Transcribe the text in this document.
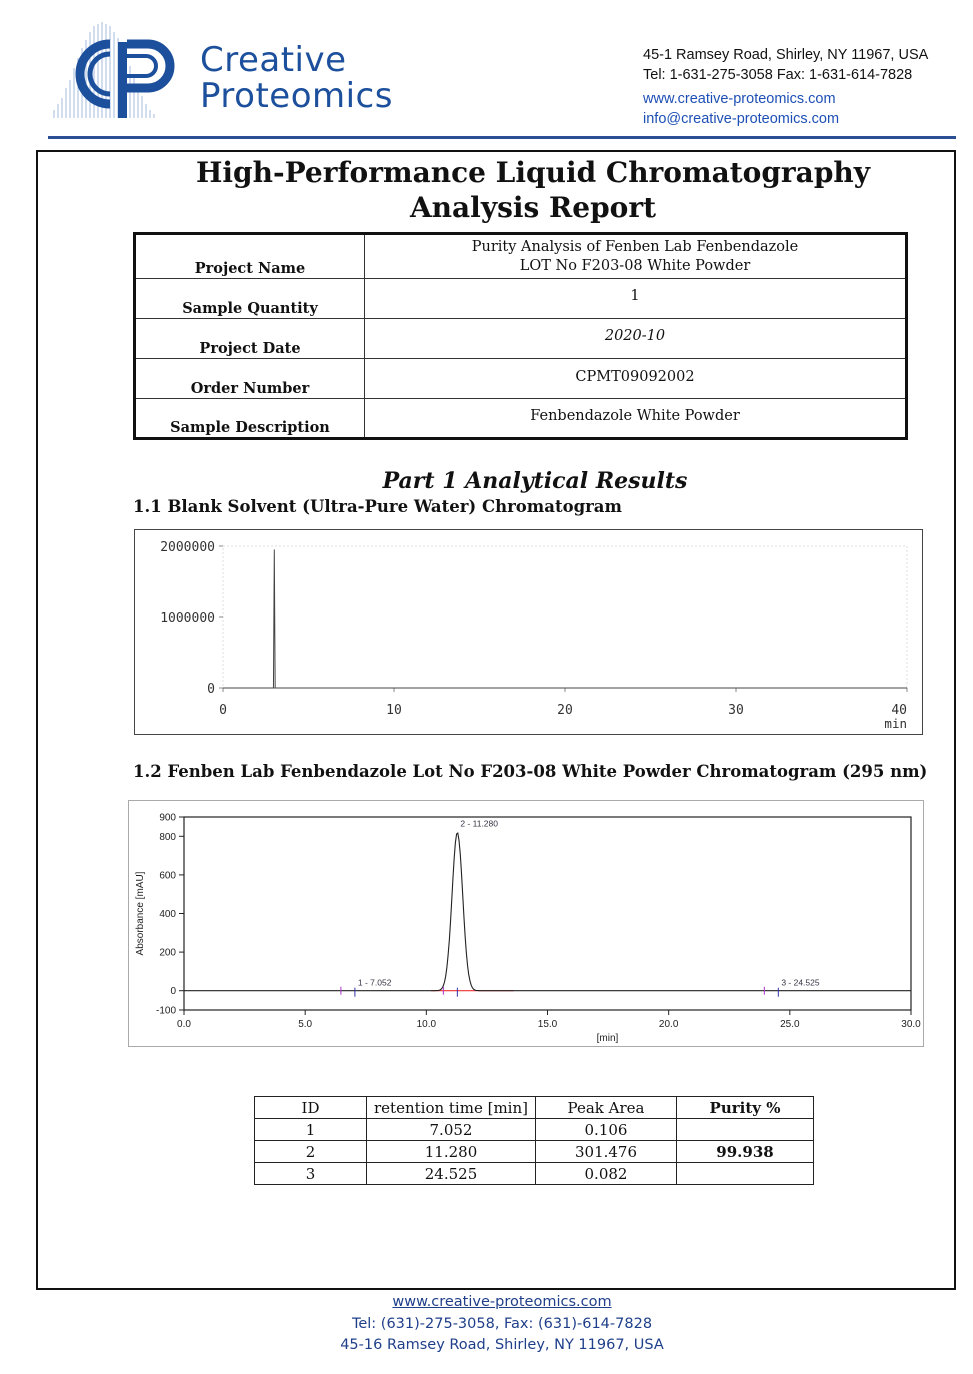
Creative
Proteomics
45-1 Ramsey Road, Shirley, NY 11967, USA
Tel: 1-631-275-3058 Fax: 1-631-614-7828
www.creative-proteomics.com
info@creative-proteomics.com
High-Performance Liquid Chromatography
Analysis Report
Project Name	Purity Analysis of Fenben Lab Fenbendazole
LOT No F203-08 White Powder

Sample Quantity	1
Project Date	2020-10
Order Number	CPMT09092002
Sample Description	Fenbendazole White Powder
Part 1 Analytical Results
1.1 Blank Solvent (Ultra-Pure Water) Chromatogram
0	10	20	30	40
0
1000000
2000000
min
1.2 Fenben Lab Fenbendazole Lot No F203-08 White Powder Chromatogram (295 nm)
0.0	5.0	10.0	15.0	20.0	25.0	30.0
-100
0
200
400
600
800
900
[min]
Absorbance [mAU]
1 - 7.052
2 - 11.280
3 - 24.525
ID	retention time [min]	Peak Area	Purity %
1	7.052	0.106	
2	11.280	301.476	99.938
3	24.525	0.082	
www.creative-proteomics.com
Tel: (631)-275-3058, Fax: (631)-614-7828
45-16 Ramsey Road, Shirley, NY 11967, USA
